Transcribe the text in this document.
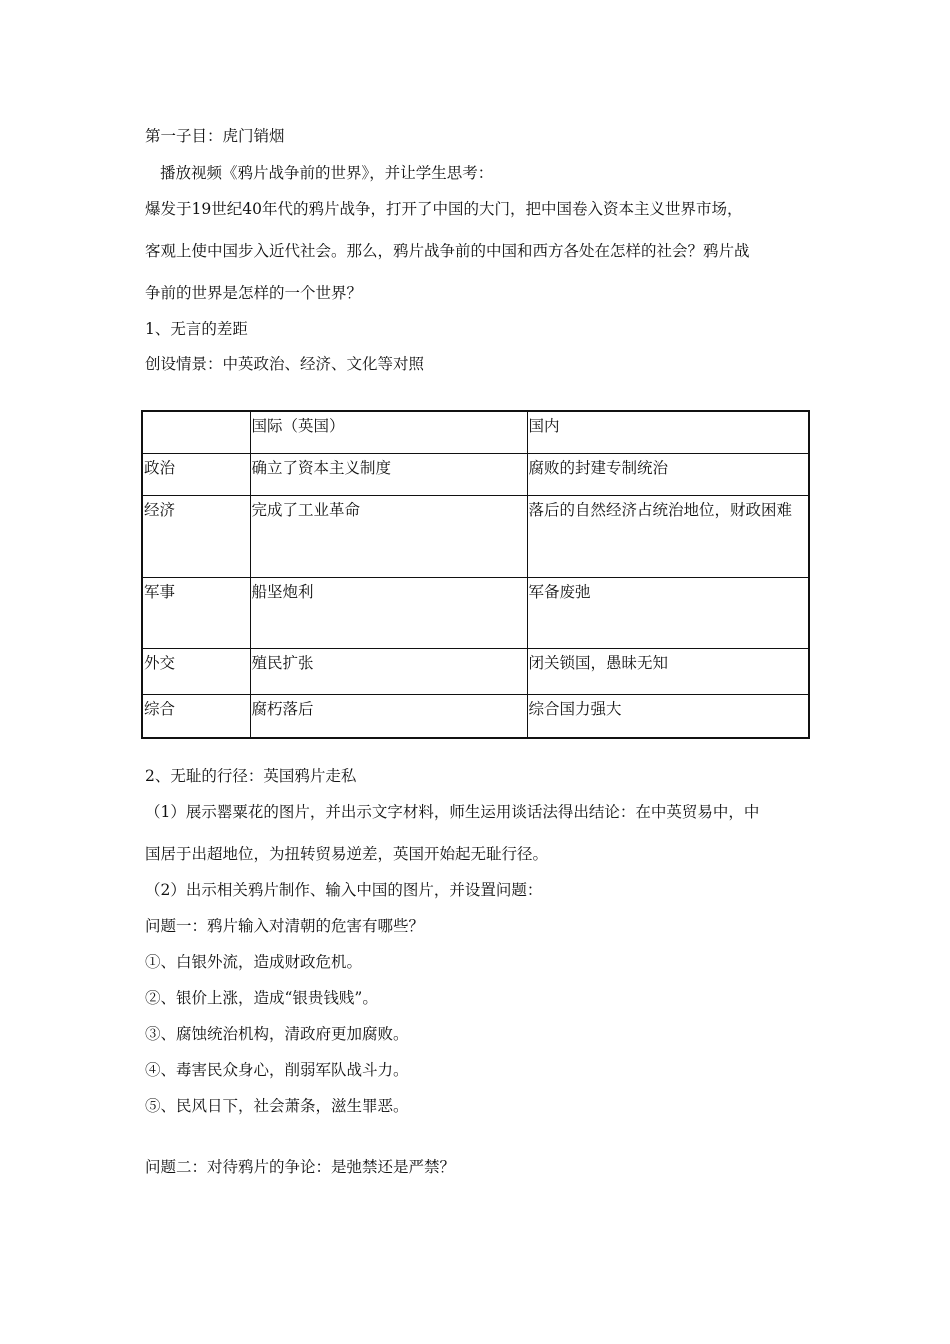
第一子目：虎门销烟
播放视频《鸦片战争前的世界》，并让学生思考：
爆发于19世纪40年代的鸦片战争，打开了中国的大门，把中国卷入资本主义世界市场，
客观上使中国步入近代社会。那么，鸦片战争前的中国和西方各处在怎样的社会？鸦片战
争前的世界是怎样的一个世界？
1、无言的差距
创设情景：中英政治、经济、文化等对照

	国际（英国）	国内

政治	确立了资本主义制度	腐败的封建专制统治

经济	完成了工业革命	落后的自然经济占统治地位，财政困难

军事	船坚炮利	军备废弛

外交	殖民扩张	闭关锁国，愚昧无知

综合	腐朽落后	综合国力强大
2、无耻的行径：英国鸦片走私
（1）展示罂粟花的图片，并出示文字材料，师生运用谈话法得出结论：在中英贸易中，中
国居于出超地位，为扭转贸易逆差，英国开始起无耻行径。
（2）出示相关鸦片制作、输入中国的图片，并设置问题：
问题一：鸦片输入对清朝的危害有哪些？
①、白银外流，造成财政危机。
②、银价上涨，造成“银贵钱贱”。
③、腐蚀统治机构，清政府更加腐败。
④、毒害民众身心，削弱军队战斗力。
⑤、民风日下，社会萧条，滋生罪恶。
问题二：对待鸦片的争论：是弛禁还是严禁？
